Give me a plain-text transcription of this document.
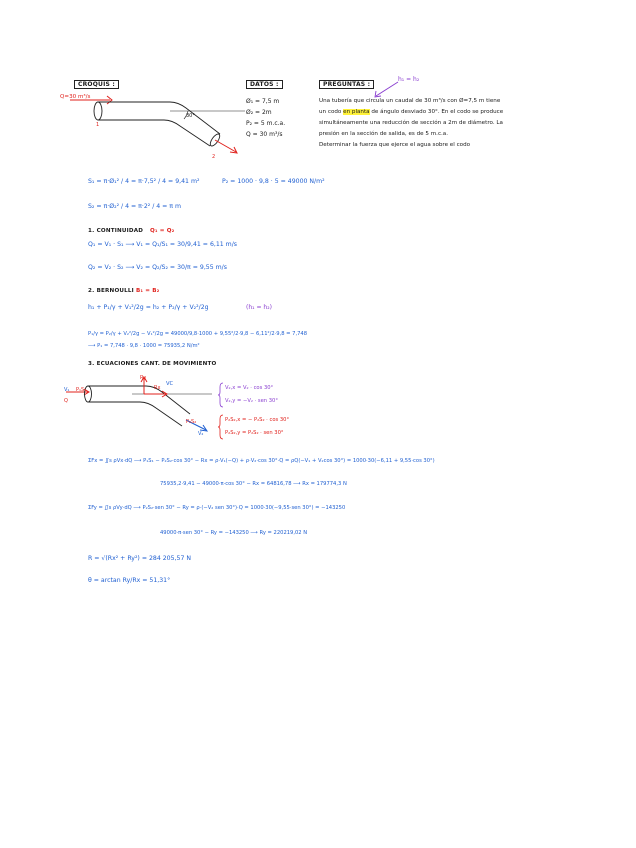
CROQUIS :	DATOS :	PREGUNTAS :
Q=30 m³/s
1
2
30°
h₁ = h₂
Ø₁ = 7,5 m
Ø₂ = 2m
P₂ = 5 m.c.a.
Q = 30 m³/s
Una tubería que circula un caudal de 30 m³/s con Ø=7,5 m tiene
un codo en planta de ángulo desviado 30°. En el codo se produce
simultáneamente una reducción de sección a 2m de diámetro. La
presión en la sección de salida, es de 5 m.c.a.
Determinar la fuerza que ejerce el agua sobre el codo
S₁ = π·Ø₁² / 4 = π·7,5² / 4 = 9,41 m²	P₂ = 1000 · 9,8 · 5 = 49000 N/m²
S₂ = π·Ø₂² / 4 = π·2² / 4 = π m
1. CONTINUIDAD Q₁ = Q₂
Q₁ = V₁ · S₁ ⟶ V₁ = Q₁/S₁ = 30/9,41 = 6,11 m/s
Q₂ = V₂ · S₂ ⟶ V₂ = Q₂/S₂ = 30/π = 9,55 m/s
2. BERNOULLI B₁ = B₂
h₁ + P₁/γ + V₁²/2g = h₂ + P₂/γ + V₂²/2g	(h₁ = h₂)
P₁/γ = P₂/γ + V₂²/2g − V₁²/2g = 49000/9,8·1000 + 9,55²/2·9,8 − 6,11²/2·9,8 = 7,748
⟶ P₁ = 7,748 · 9,8 · 1000 = 75935,2 N/m²
3. ECUACIONES CANT. DE MOVIMIENTO
Ry
Rx
VC
P₁S₁
V₁
Q
P₂S₂
V₂
V₂,x = V₂ · cos 30°
V₂,y = −V₂ · sen 30°
P₂S₂,x = − P₂S₂ · cos 30°
P₂S₂,y = P₂S₂ · sen 30°
ΣFx = ∬s ρVx·dQ ⟶ P₁S₁ − P₂S₂·cos 30° − Rx = ρ·V₁(−Q) + ρ·V₂·cos 30°·Q = ρQ(−V₁ + V₂cos 30°) = 1000·30(−6,11 + 9,55·cos 30°)
75935,2·9,41 − 49000·π·cos 30° − Rx = 64816,78 ⟶ Rx = 179774,3 N
ΣFy = ∬s ρVy·dQ ⟶ P₂S₂·sen 30° − Ry = ρ·(−V₂ sen 30°)·Q = 1000·30(−9,55·sen 30°) = −143250
49000·π·sen 30° − Ry = −143250 ⟶ Ry = 220219,02 N
R = √(Rx² + Ry²) = 284 205,57 N
θ = arctan Ry/Rx = 51,31°
